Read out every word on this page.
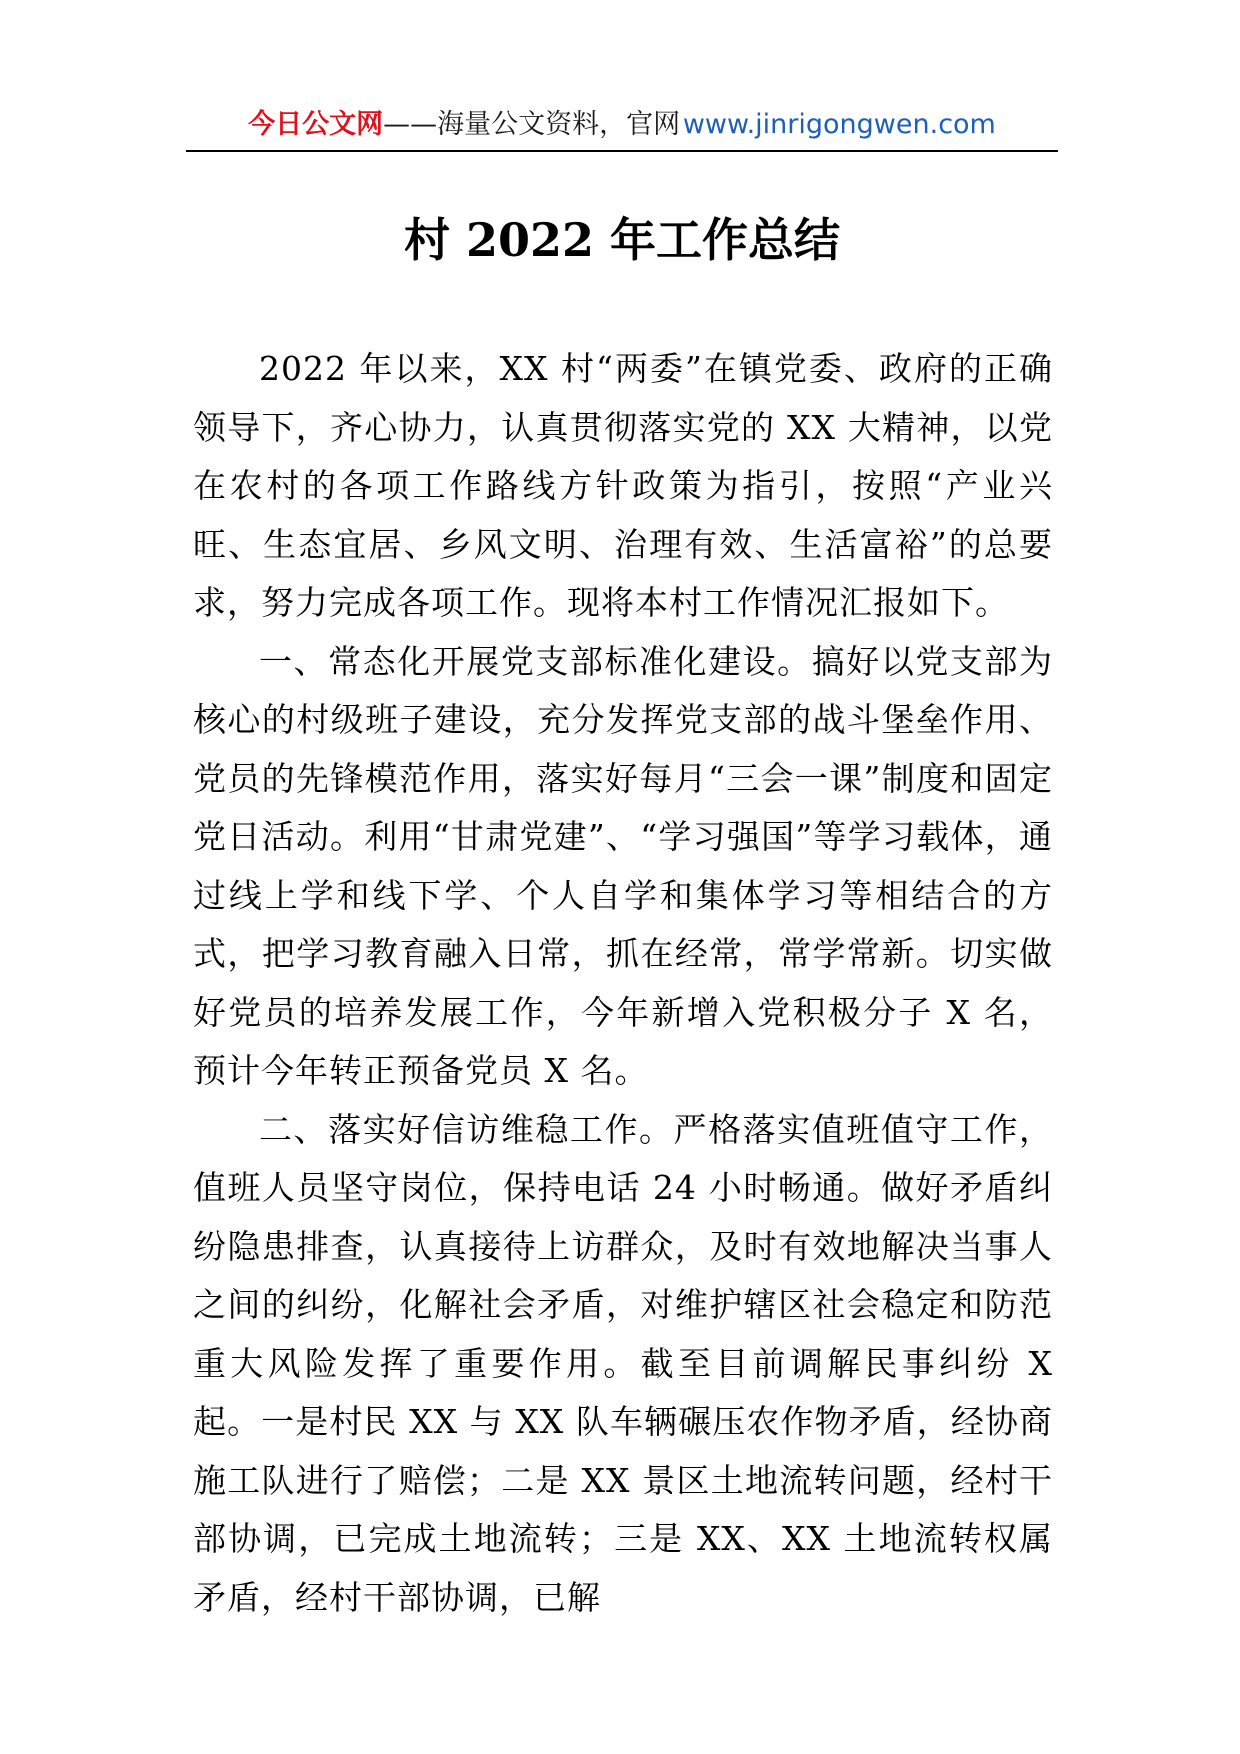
今日公文网——海量公文资料，官网  www.jinrigongwen.com
村 2022 年工作总结

2022 年以来，XX 村“两委”在镇党委、政府的正确领导下，齐心协力，认真贯彻落实党的 XX 大精神，以党在农村的各项工作路线方针政策为指引，按照“产业兴旺、生态宜居、乡风文明、治理有效、生活富裕”的总要求，努力完成各项工作。现将本村工作情况汇报如下。

一、常态化开展党支部标准化建设。搞好以党支部为核心的村级班子建设，充分发挥党支部的战斗堡垒作用、党员的先锋模范作用，落实好每月“三会一课”制度和固定党日活动。利用“甘肃党建”、“学习强国”等学习载体，通过线上学和线下学、个人自学和集体学习等相结合的方式，把学习教育融入日常，抓在经常，常学常新。切实做好党员的培养发展工作，今年新增入党积极分子 X 名，预计今年转正预备党员 X 名。

二、落实好信访维稳工作。严格落实值班值守工作，值班人员坚守岗位，保持电话 24 小时畅通。做好矛盾纠纷隐患排查，认真接待上访群众，及时有效地解决当事人之间的纠纷，化解社会矛盾，对维护辖区社会稳定和防范重大风险发挥了重要作用。截至目前调解民事纠纷 X 起。一是村民 XX 与 XX 队车辆碾压农作物矛盾，经协商施工队进行了赔偿；二是 XX 景区土地流转问题，经村干部协调，已完成土地流转；三是 XX、XX 土地流转权属矛盾，经村干部协调，已解
